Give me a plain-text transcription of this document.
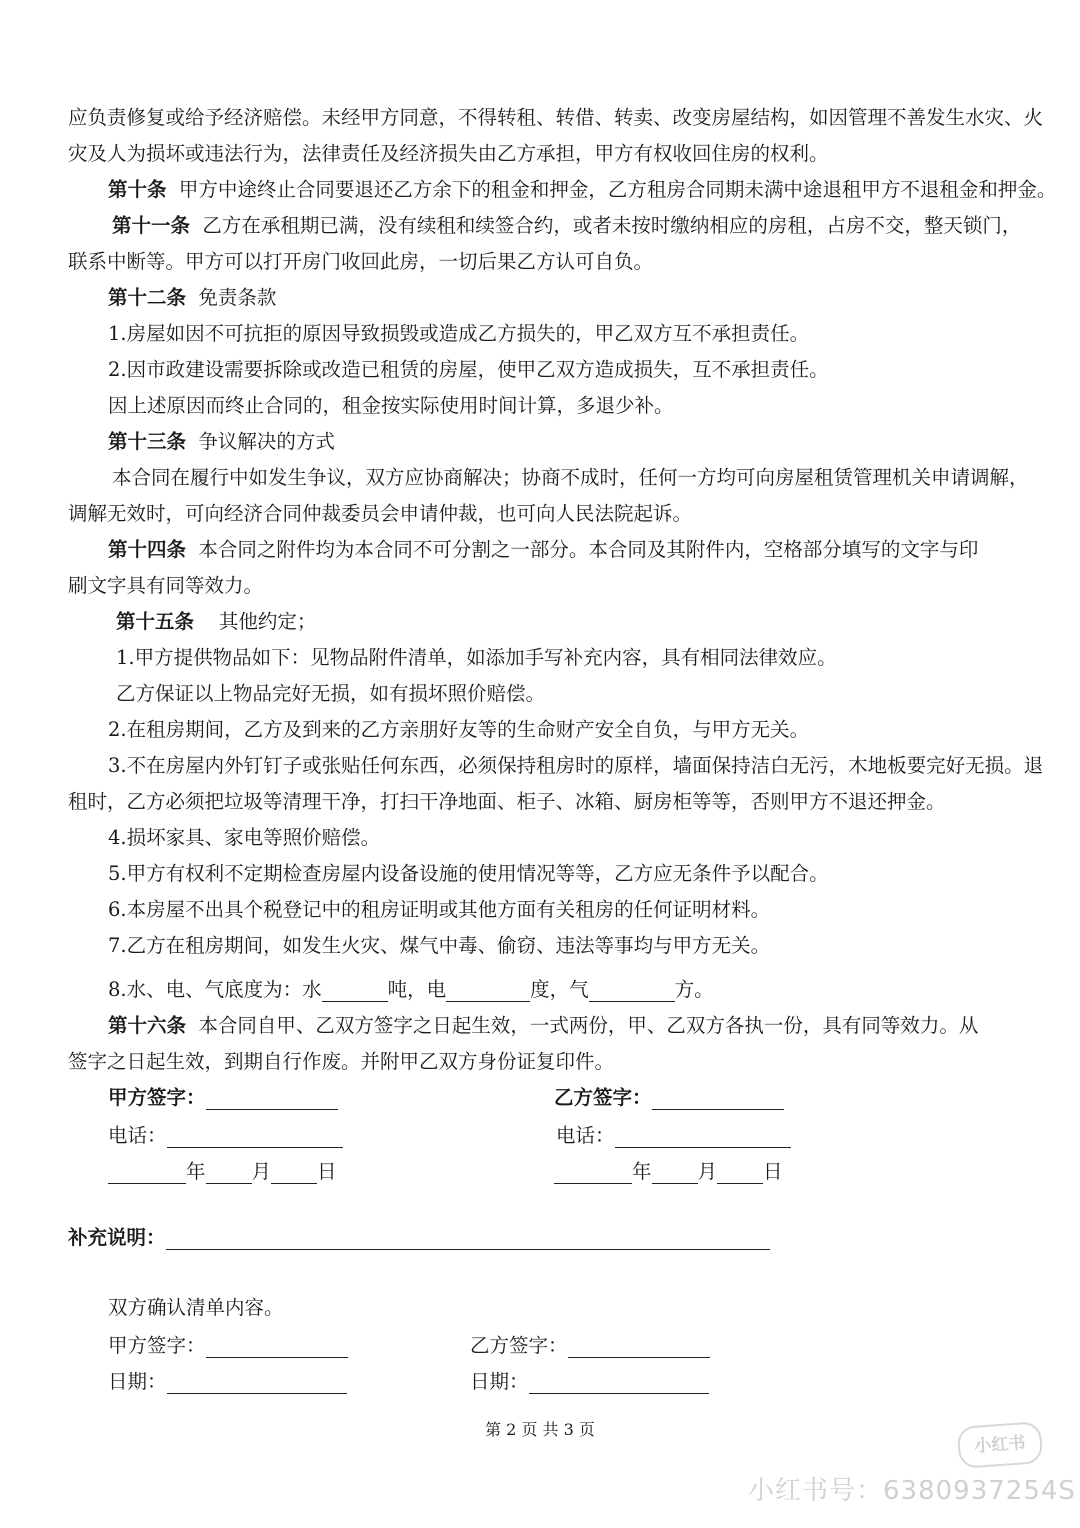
应负责修复或给予经济赔偿。未经甲方同意，不得转租、转借、转卖、改变房屋结构，如因管理不善发生水灾、火
灾及人为损坏或违法行为，法律责任及经济损失由乙方承担，甲方有权收回住房的权利。
第十条 甲方中途终止合同要退还乙方余下的租金和押金，乙方租房合同期未满中途退租甲方不退租金和押金。
第十一条 乙方在承租期已满，没有续租和续签合约，或者未按时缴纳相应的房租，占房不交，整天锁门，
联系中断等。甲方可以打开房门收回此房，一切后果乙方认可自负。
第十二条 免责条款
1.房屋如因不可抗拒的原因导致损毁或造成乙方损失的，甲乙双方互不承担责任。
2.因市政建设需要拆除或改造已租赁的房屋，使甲乙双方造成损失，互不承担责任。
因上述原因而终止合同的，租金按实际使用时间计算，多退少补。
第十三条 争议解决的方式
本合同在履行中如发生争议，双方应协商解决；协商不成时，任何一方均可向房屋租赁管理机关申请调解，
调解无效时，可向经济合同仲裁委员会申请仲裁，也可向人民法院起诉。
第十四条 本合同之附件均为本合同不可分割之一部分。本合同及其附件内，空格部分填写的文字与印
刷文字具有同等效力。
第十五条 其他约定；
1.甲方提供物品如下：见物品附件清单，如添加手写补充内容，具有相同法律效应。
乙方保证以上物品完好无损，如有损坏照价赔偿。
2.在租房期间，乙方及到来的乙方亲朋好友等的生命财产安全自负，与甲方无关。
3.不在房屋内外钉钉子或张贴任何东西，必须保持租房时的原样，墙面保持洁白无污，木地板要完好无损。退
租时，乙方必须把垃圾等清理干净，打扫干净地面、柜子、冰箱、厨房柜等等，否则甲方不退还押金。
4.损坏家具、家电等照价赔偿。
5.甲方有权利不定期检查房屋内设备设施的使用情况等等，乙方应无条件予以配合。
6.本房屋不出具个税登记中的租房证明或其他方面有关租房的任何证明材料。
7.乙方在租房期间，如发生火灾、煤气中毒、偷窃、违法等事均与甲方无关。
8.水、电、气底度为：水	吨，电	度，气	方。
第十六条 本合同自甲、乙双方签字之日起生效，一式两份，甲、乙双方各执一份，具有同等效力。从
签字之日起生效，到期自行作废。并附甲乙双方身份证复印件。
甲方签字：	乙方签字：
电话：	电话：
年 月 日	年 月 日
补充说明：
双方确认清单内容。
甲方签字：	乙方签字：
日期：	日期：
第 2 页 共 3 页
小红书
小红书号：6380937254S
